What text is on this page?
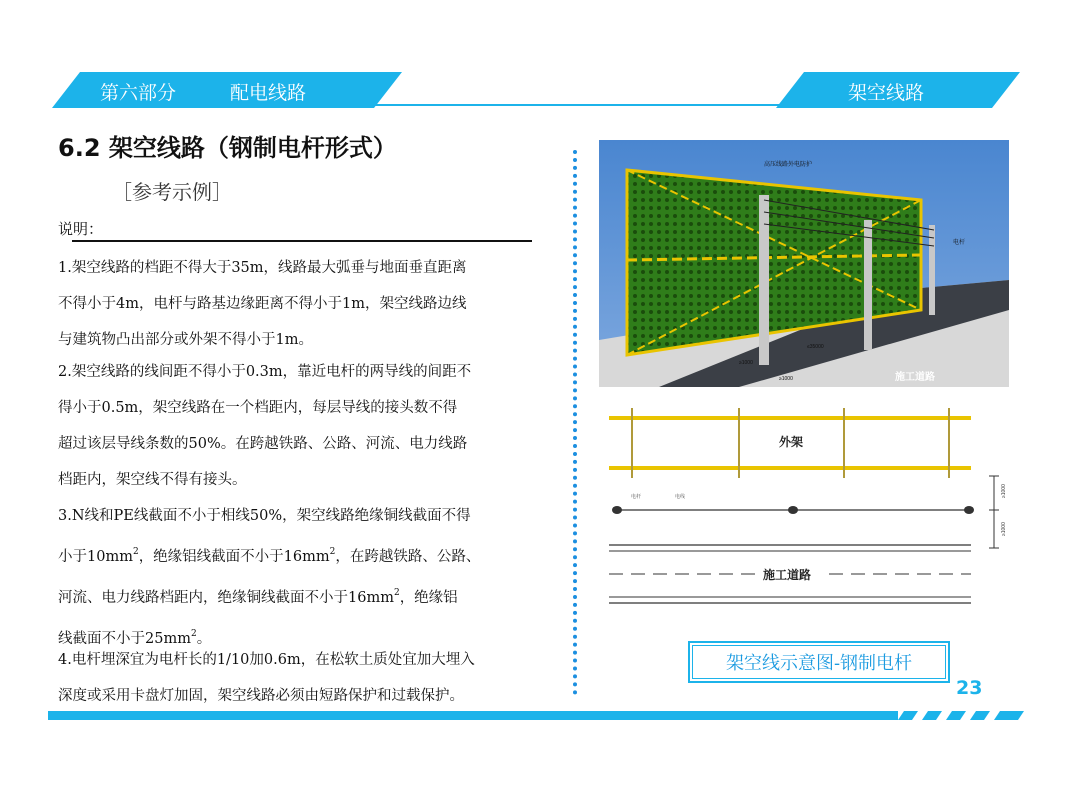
第六部分	配电线路	架空线路
6.2 架空线路（钢制电杆形式）
［参考示例］
说明：
1.架空线路的档距不得大于35m，线路最大弧垂与地面垂直距离
不得小于4m，电杆与路基边缘距离不得小于1m，架空线路边线
与建筑物凸出部分或外架不得小于1m。
2.架空线路的线间距不得小于0.3m，靠近电杆的两导线的间距不
得小于0.5m，架空线路在一个档距内，每层导线的接头数不得
超过该层导线条数的50%。在跨越铁路、公路、河流、电力线路
档距内，架空线不得有接头。
3.N线和PE线截面不小于相线50%，架空线路绝缘铜线截面不得
小于$10mm^2$，绝缘铝线截面不小于$16mm^2$，在跨越铁路、公路、
河流、电力线路档距内，绝缘铜线截面不小于$16mm^2$，绝缘铝
线截面不小于$25mm^2$。
4.电杆埋深宜为电杆长的1/10加0.6m，在松软土质处宜加大埋入
深度或采用卡盘灯加固，架空线路必须由短路保护和过载保护。
高压线路外电防护
电杆
施工道路
≥1000
≤35000
≥1000
外架
电杆	电线
施工道路
≥1000
≥1000
架空线示意图-钢制电杆
23
